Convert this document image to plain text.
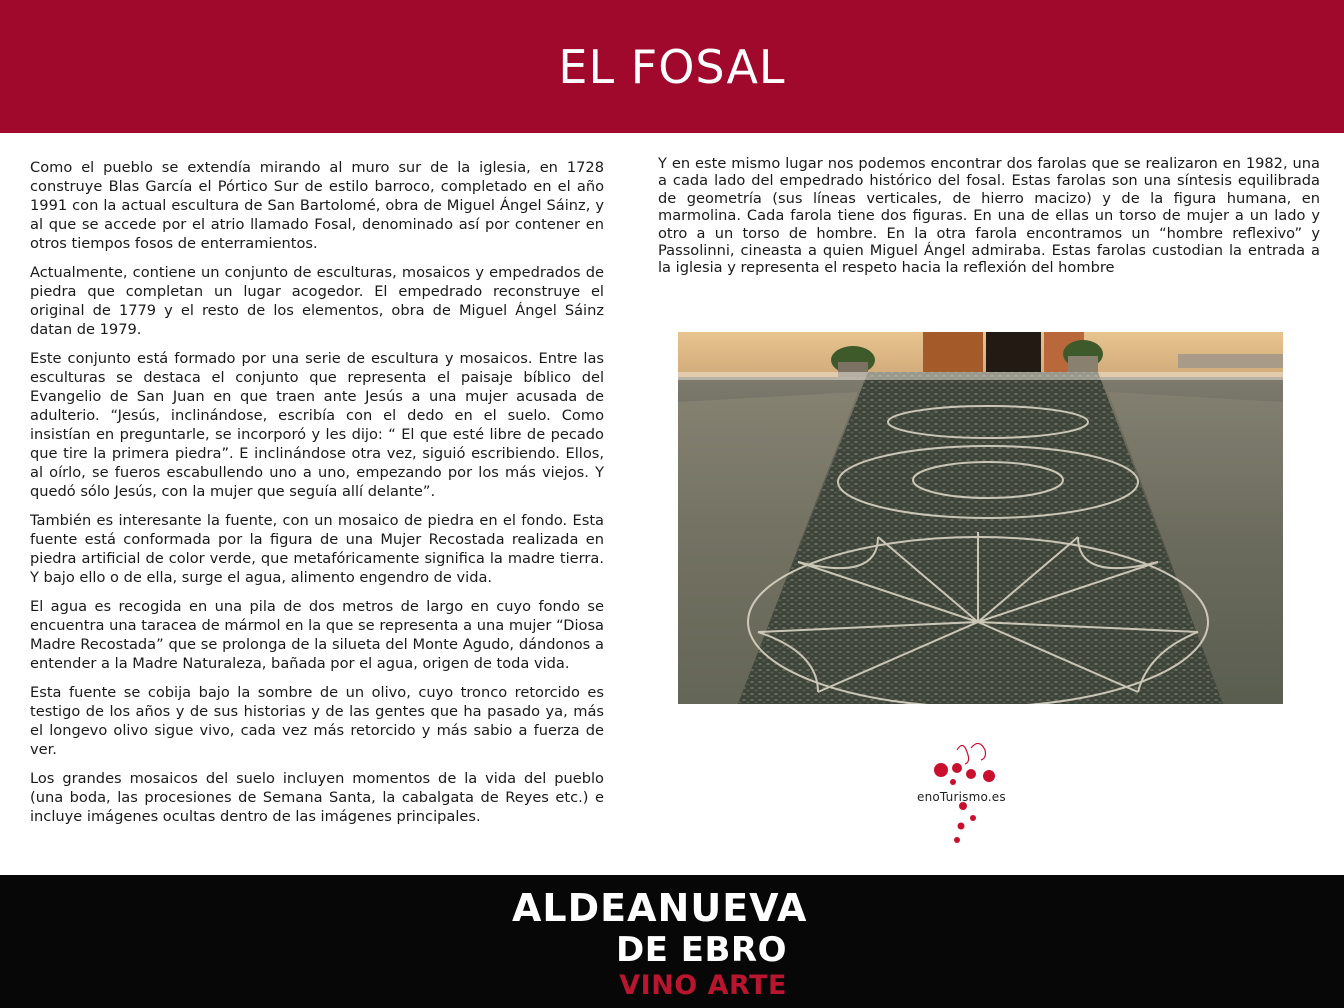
EL FOSAL

Como el pueblo se extendía mirando al muro sur de la iglesia, en 1728 construye Blas García el Pórtico Sur de estilo barroco, completado en el año 1991 con la actual escultura de San Bartolomé, obra de Miguel Ángel Sáinz, y al que se accede por el atrio llamado Fosal, denominado así por contener en otros tiempos fosos de enterramientos.

Actualmente, contiene un conjunto de esculturas, mosaicos y empedrados de piedra que completan un lugar acogedor. El empedrado reconstruye el original de 1779 y el resto de los elementos, obra de Miguel Ángel Sáinz datan de 1979.

Este conjunto está formado por una serie de escultura y mosaicos. Entre las esculturas se destaca el conjunto que representa el paisaje bíblico del Evangelio de San Juan en que traen ante Jesús a una mujer acusada de adulterio. “Jesús, inclinándose, escribía con el dedo en el suelo. Como insistían en preguntarle, se incorporó y les dijo: “ El que esté libre de pecado que tire la primera piedra”. E inclinándose otra vez, siguió escribiendo. Ellos, al oírlo, se fueros escabullendo uno a uno, empezando por los más viejos. Y quedó sólo Jesús, con la mujer que seguía allí delante”.

También es interesante la fuente, con un mosaico de piedra en el fondo. Esta fuente está conformada por la figura de una Mujer Recostada realizada en piedra artificial de color verde, que metafóricamente significa la madre tierra. Y bajo ello o de ella, surge el agua, alimento engendro de vida.

El agua es recogida en una pila de dos metros de largo en cuyo fondo se encuentra una taracea de mármol en la que se representa a una mujer “Diosa Madre Recostada” que se prolonga de la silueta del Monte Agudo, dándonos a entender a la Madre Naturaleza, bañada por el agua, origen de toda vida.

Esta fuente se cobija bajo la sombre de un olivo, cuyo tronco retorcido es testigo de los años y de sus historias y de las gentes que ha pasado ya, más el longevo olivo sigue vivo, cada vez más retorcido y más sabio a fuerza de ver.

Los grandes mosaicos del suelo incluyen momentos de la vida del pueblo (una boda, las procesiones de Semana Santa, la cabalgata de Reyes etc.) e incluye imágenes ocultas dentro de las imágenes principales.

Y en este mismo lugar nos podemos encontrar dos farolas que se realizaron en 1982, una a cada lado del empedrado histórico del fosal. Estas farolas son una síntesis equilibrada de geometría (sus líneas verticales, de hierro macizo) y de la figura humana, en marmolina. Cada farola tiene dos figuras. En una de ellas un torso de mujer a un lado y otro a un torso de hombre. En la otra farola encontramos un “hombre reflexivo” y Passolinni, cineasta a quien Miguel Ángel admiraba. Estas farolas custodian la entrada a la iglesia y representa el respeto hacia la reflexión del hombre

enoTurismo.es
ALDEANUEVA
DE EBRO
VINO ARTE
